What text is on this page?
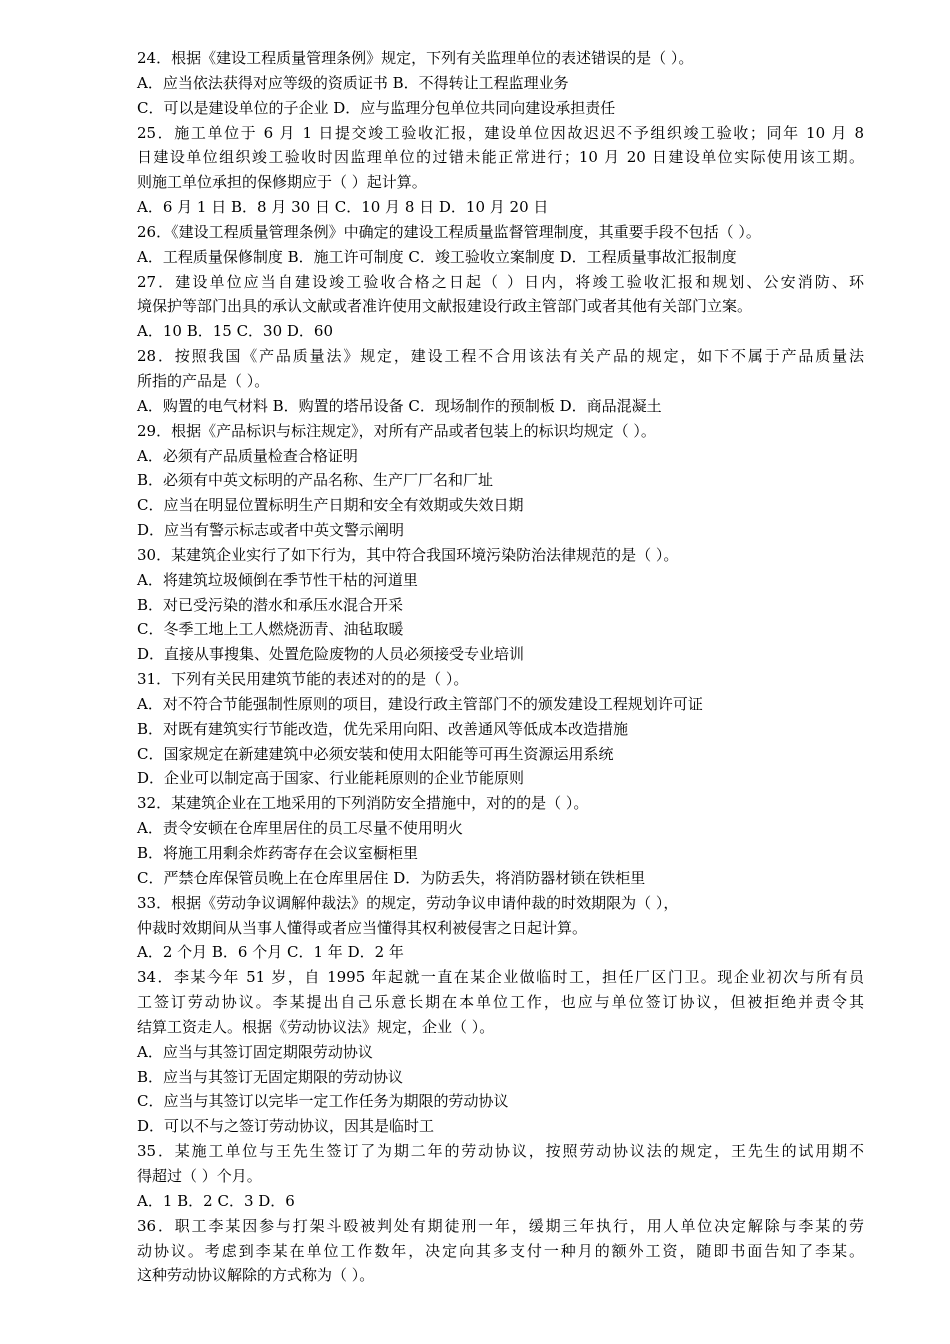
24．根据《建设工程质量管理条例》规定，下列有关监理单位的表述错误的是（ ）。
A．应当依法获得对应等级的资质证书 B．不得转让工程监理业务
C．可以是建设单位的子企业 D．应与监理分包单位共同向建设承担责任
25．施工单位于 6 月 1 日提交竣工验收汇报，建设单位因故迟迟不予组织竣工验收；同年 10 月 8
日建设单位组织竣工验收时因监理单位的过错未能正常进行；10 月 20 日建设单位实际使用该工期。
则施工单位承担的保修期应于（ ）起计算。
A．6 月 1 日 B．8 月 30 日 C．10 月 8 日 D．10 月 20 日
26．《建设工程质量管理条例》中确定的建设工程质量监督管理制度，其重要手段不包括（ ）。
A．工程质量保修制度 B．施工许可制度 C．竣工验收立案制度 D．工程质量事故汇报制度
27．建设单位应当自建设竣工验收合格之日起（ ）日内，将竣工验收汇报和规划、公安消防、环
境保护等部门出具的承认文献或者准许使用文献报建设行政主管部门或者其他有关部门立案。
A．10 B．15 C．30 D．60
28．按照我国《产品质量法》规定，建设工程不合用该法有关产品的规定，如下不属于产品质量法
所指的产品是（ ）。
A．购置的电气材料 B．购置的塔吊设备 C．现场制作的预制板 D．商品混凝土
29．根据《产品标识与标注规定》，对所有产品或者包装上的标识均规定（ ）。
A．必须有产品质量检查合格证明
B．必须有中英文标明的产品名称、生产厂厂名和厂址
C．应当在明显位置标明生产日期和安全有效期或失效日期
D．应当有警示标志或者中英文警示阐明
30．某建筑企业实行了如下行为，其中符合我国环境污染防治法律规范的是（ ）。
A．将建筑垃圾倾倒在季节性干枯的河道里
B．对已受污染的潜水和承压水混合开采
C．冬季工地上工人燃烧沥青、油毡取暖
D．直接从事搜集、处置危险废物的人员必须接受专业培训
31．下列有关民用建筑节能的表述对的的是（ ）。
A．对不符合节能强制性原则的项目，建设行政主管部门不的颁发建设工程规划许可证
B．对既有建筑实行节能改造，优先采用向阳、改善通风等低成本改造措施
C．国家规定在新建建筑中必须安装和使用太阳能等可再生资源运用系统
D．企业可以制定高于国家、行业能耗原则的企业节能原则
32．某建筑企业在工地采用的下列消防安全措施中，对的的是（ ）。
A．责令安顿在仓库里居住的员工尽量不使用明火
B．将施工用剩余炸药寄存在会议室橱柜里
C．严禁仓库保管员晚上在仓库里居住 D．为防丢失，将消防器材锁在铁柜里
33．根据《劳动争议调解仲裁法》的规定，劳动争议申请仲裁的时效期限为（ ），
仲裁时效期间从当事人懂得或者应当懂得其权利被侵害之日起计算。
A．2 个月 B．6 个月 C．1 年 D．2 年
34．李某今年 51 岁，自 1995 年起就一直在某企业做临时工，担任厂区门卫。现企业初次与所有员
工签订劳动协议。李某提出自己乐意长期在本单位工作，也应与单位签订协议，但被拒绝并责令其
结算工资走人。根据《劳动协议法》规定，企业（ ）。
A．应当与其签订固定期限劳动协议
B．应当与其签订无固定期限的劳动协议
C．应当与其签订以完毕一定工作任务为期限的劳动协议
D．可以不与之签订劳动协议，因其是临时工
35．某施工单位与王先生签订了为期二年的劳动协议，按照劳动协议法的规定，王先生的试用期不
得超过（ ）个月。
A．1 B．2 C．3 D．6
36．职工李某因参与打架斗殴被判处有期徒刑一年，缓期三年执行，用人单位决定解除与李某的劳
动协议。考虑到李某在单位工作数年，决定向其多支付一种月的额外工资，随即书面告知了李某。
这种劳动协议解除的方式称为（ ）。
